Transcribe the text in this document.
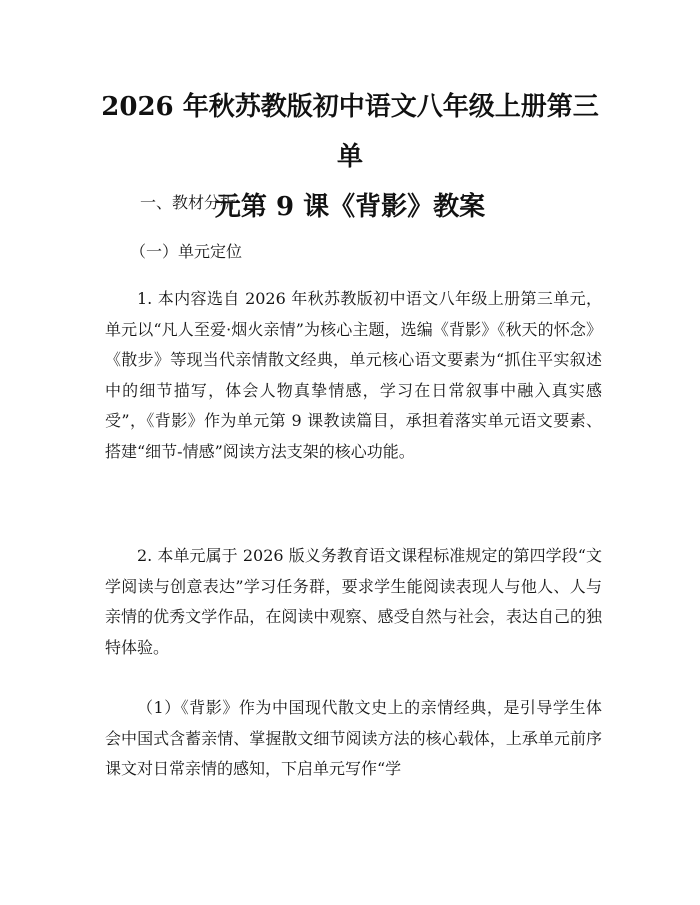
2026 年秋苏教版初中语文八年级上册第三单
元第 9 课《背影》教案
一、教材分析
（一）单元定位

1. 本内容选自 2026 年秋苏教版初中语文八年级上册第三单元，单元以“凡人至爱·烟火亲情”为核心主题，选编《背影》《秋天的怀念》《散步》等现当代亲情散文经典，单元核心语文要素为“抓住平实叙述中的细节描写，体会人物真挚情感，学习在日常叙事中融入真实感受”，《背影》作为单元第 9 课教读篇目，承担着落实单元语文要素、搭建“细节-情感”阅读方法支架的核心功能。

2. 本单元属于 2026 版义务教育语文课程标准规定的第四学段“文学阅读与创意表达”学习任务群，要求学生能阅读表现人与他人、人与亲情的优秀文学作品，在阅读中观察、感受自然与社会，表达自己的独特体验。

（1）《背影》作为中国现代散文史上的亲情经典，是引导学生体会中国式含蓄亲情、掌握散文细节阅读方法的核心载体，上承单元前序课文对日常亲情的感知，下启单元写作“学
